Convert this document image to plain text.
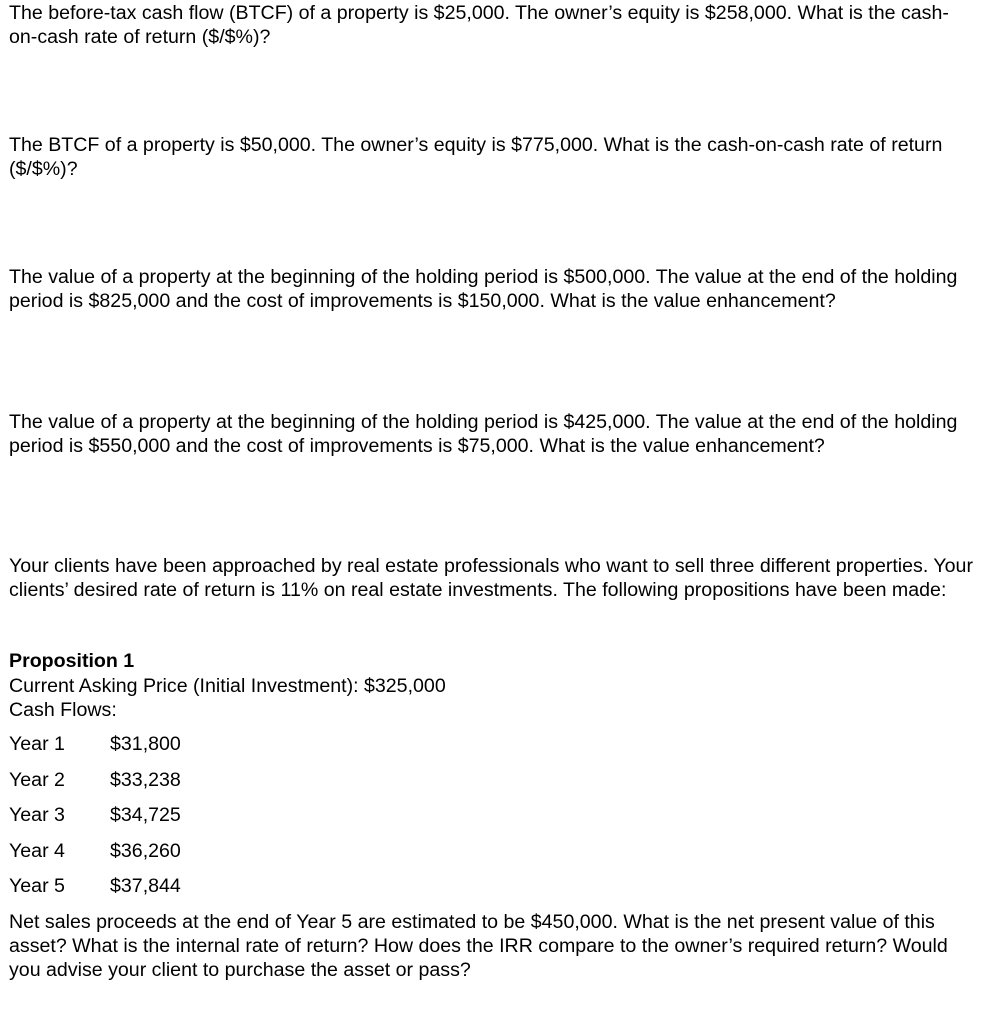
The before-tax cash flow (BTCF) of a property is $25,000. The owner’s equity is $258,000. What is the cash-on-cash rate of return ($/$%)?

The BTCF of a property is $50,000. The owner’s equity is $775,000. What is the cash-on-cash rate of return ($/$%)?

The value of a property at the beginning of the holding period is $500,000. The value at the end of the holding period is $825,000 and the cost of improvements is $150,000. What is the value enhancement?

The value of a property at the beginning of the holding period is $425,000. The value at the end of the holding period is $550,000 and the cost of improvements is $75,000. What is the value enhancement?

Your clients have been approached by real estate professionals who want to sell three different properties. Your clients’ desired rate of return is 11% on real estate investments. The following propositions have been made:

Proposition 1

Current Asking Price (Initial Investment): $325,000

Cash Flows:

Year 1	$31,800
Year 2	$33,238
Year 3	$34,725
Year 4	$36,260
Year 5	$37,844

Net sales proceeds at the end of Year 5 are estimated to be $450,000. What is the net present value of this asset? What is the internal rate of return? How does the IRR compare to the owner’s required return? Would you advise your client to purchase the asset or pass?
